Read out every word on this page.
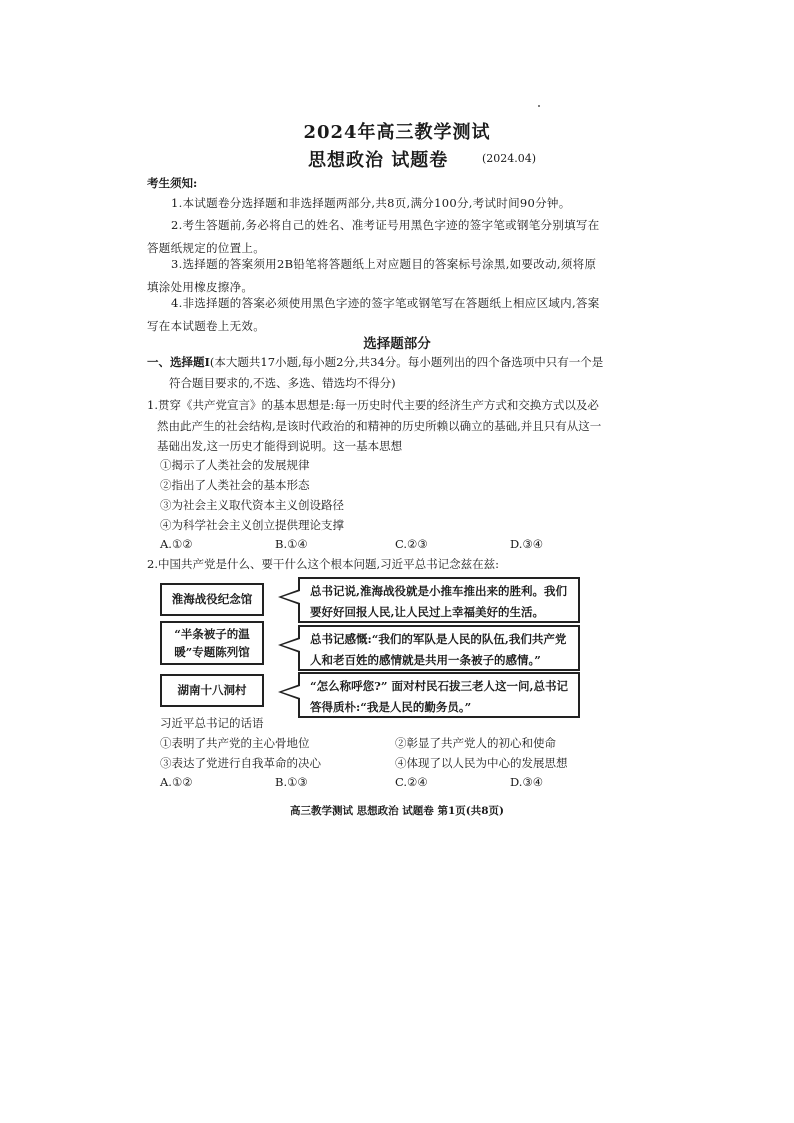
2024年高三教学测试
思想政治 试题卷	(2024.04)
考生须知:
1.本试题卷分选择题和非选择题两部分,共8页,满分100分,考试时间90分钟。
2.考生答题前,务必将自己的姓名、准考证号用黑色字迹的签字笔或钢笔分别填写在答题纸规定的位置上。
3.选择题的答案须用2B铅笔将答题纸上对应题目的答案标号涂黑,如要改动,须将原填涂处用橡皮擦净。
4.非选择题的答案必须使用黑色字迹的签字笔或钢笔写在答题纸上相应区域内,答案写在本试题卷上无效。
选择题部分
一、选择题Ⅰ(本大题共17小题,每小题2分,共34分。每小题列出的四个备选项中只有一个是符合题目要求的,不选、多选、错选均不得分)
1.贯穿《共产党宣言》的基本思想是:每一历史时代主要的经济生产方式和交换方式以及必然由此产生的社会结构,是该时代政治的和精神的历史所赖以确立的基础,并且只有从这一基础出发,这一历史才能得到说明。这一基本思想
①揭示了人类社会的发展规律
②指出了人类社会的基本形态
③为社会主义取代资本主义创设路径
④为科学社会主义创立提供理论支撑
A.①②	B.①④	C.②③	D.③④
2.中国共产党是什么、要干什么这个根本问题,习近平总书记念兹在兹:
淮海战役纪念馆
总书记说,淮海战役就是小推车推出来的胜利。我们要好好回报人民,让人民过上幸福美好的生活。
“半条被子的温暖”专题陈列馆
总书记感慨:“我们的军队是人民的队伍,我们共产党人和老百姓的感情就是共用一条被子的感情。”
湖南十八洞村	“怎么称呼您?” 面对村民石拔三老人这一问,总书记答得质朴:“我是人民的勤务员。”
习近平总书记的话语
①表明了共产党的主心骨地位	②彰显了共产党人的初心和使命
③表达了党进行自我革命的决心	④体现了以人民为中心的发展思想
A.①②	B.①③	C.②④	D.③④
高三教学测试 思想政治 试题卷 第1页(共8页)
